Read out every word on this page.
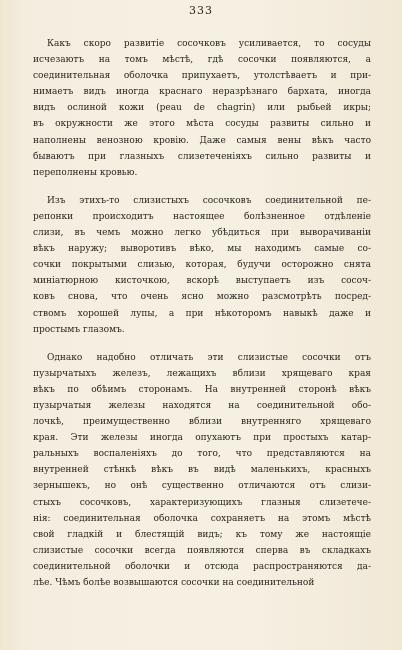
333
Какъ скоро развитіе сосочковъ усиливается, то сосуды
исчезаютъ на томъ мѣстѣ, гдѣ сосочки появляются, а
соединительная оболочка припухаетъ, утолстѣваетъ и при-
нимаетъ видъ иногда краснаго неразрѣзнаго бархата, иногда
видъ ослиной кожи (peau de chagrin) или рыбьей икры;
въ окружности же этого мѣста сосуды развиты сильно и
наполнены венозною кровію. Даже самыя вены вѣкъ часто
бываютъ при глазныхъ слизетеченіяхъ сильно развиты и
переполнены кровью.
Изъ этихъ-то слизистыхъ сосочковъ соединительной пе-
репонки происходитъ настоящее болѣзненное отдѣленіе
слизи, въ чемъ можно легко убѣдиться при выворачиваніи
вѣкъ наружу; выворотивъ вѣко, мы находимъ самые со-
сочки покрытыми слизью, которая, будучи осторожно снята
миніатюрною кисточкою, вскорѣ выступаетъ изъ сосоч-
ковъ снова, что очень ясно можно разсмотрѣть посред-
ствомъ хорошей лупы, а при нѣкоторомъ навыкѣ даже и
простымъ глазомъ.
Однако надобно отличать эти слизистые сосочки отъ
пузырчатыхъ железъ, лежащихъ вблизи хрящеваго края
вѣкъ по обѣимъ сторонамъ. На внутренней сторонѣ вѣкъ
пузырчатыя железы находятся на соединительной обо-
лочкѣ, преимущественно вблизи внутренняго хрящеваго
края. Эти железы иногда опухаютъ при простыхъ катар-
ральныхъ воспаленіяхъ до того, что представляются на
внутренней стѣнкѣ вѣкъ въ видѣ маленькихъ, красныхъ
зернышекъ, но онѣ существенно отличаются отъ слизи-
стыхъ сосочковъ, характеризующихъ глазныя слизетече-
нія: соединительная оболочка сохраняетъ на этомъ мѣстѣ
свой гладкій и блестящій видъ; къ тому же настоящіе
слизистые сосочки всегда появляются сперва въ складкахъ
соединительной оболочки и отсюда распространяются да-
лѣе. Чѣмъ болѣе возвышаются сосочки на соединительной
